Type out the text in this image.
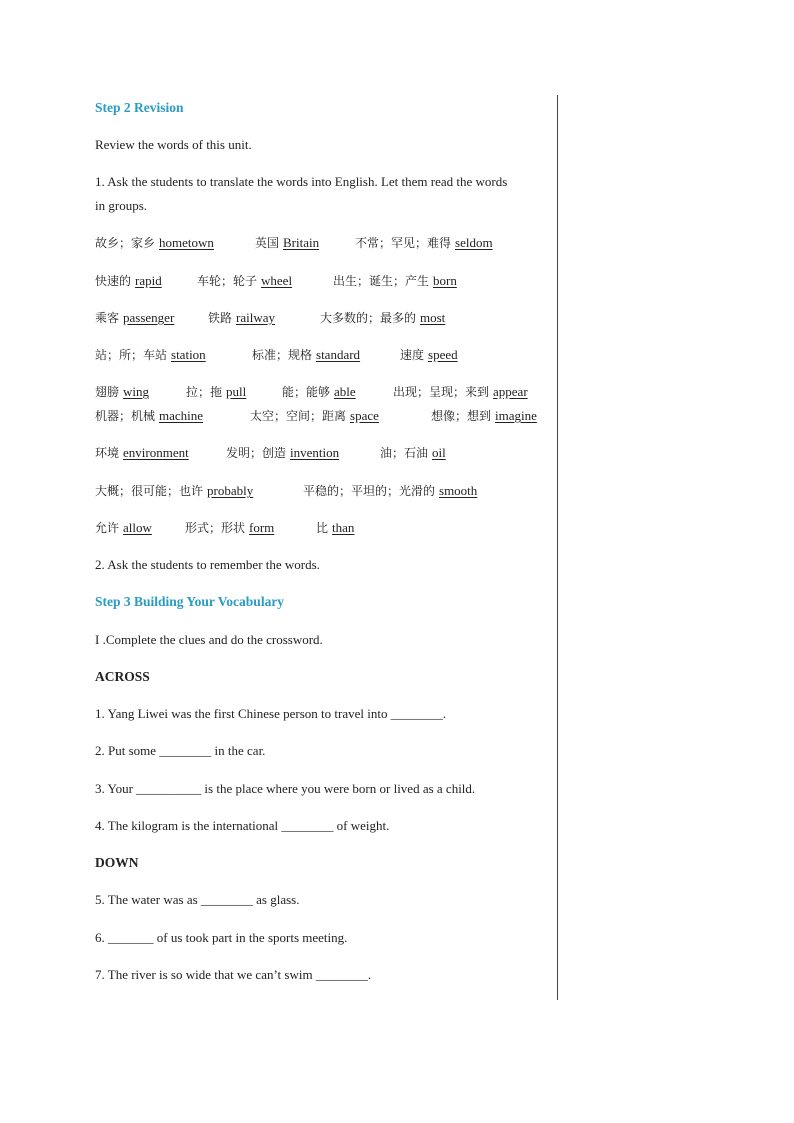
Step 2 Revision
Review the words of this unit.
1. Ask the students to translate the words into English. Let them read the words
in groups.
故乡；家乡 hometown	英国 Britain	不常；罕见；难得 seldom
快速的 rapid	车轮；轮子 wheel	出生；诞生；产生 born
乘客 passenger	铁路 railway	大多数的；最多的 most
站；所；车站 station	标准；规格 standard	速度 speed
翅膀 wing	拉；拖 pull	能；能够 able	出现；呈现；来到 appear
机器；机械 machine	太空；空间；距离 space	想像；想到 imagine
环境 environment	发明；创造 invention	油；石油 oil
大概；很可能；也许 probably	平稳的；平坦的；光滑的 smooth
允许 allow	形式；形状 form	比 than
2. Ask the students to remember the words.
Step 3 Building Your Vocabulary
I .Complete the clues and do the crossword.
ACROSS
1. Yang Liwei was the first Chinese person to travel into ________.
2. Put some ________ in the car.
3. Your __________ is the place where you were born or lived as a child.
4. The kilogram is the international ________ of weight.
DOWN
5. The water was as ________ as glass.
6. _______ of us took part in the sports meeting.
7. The river is so wide that we can’t swim ________.
